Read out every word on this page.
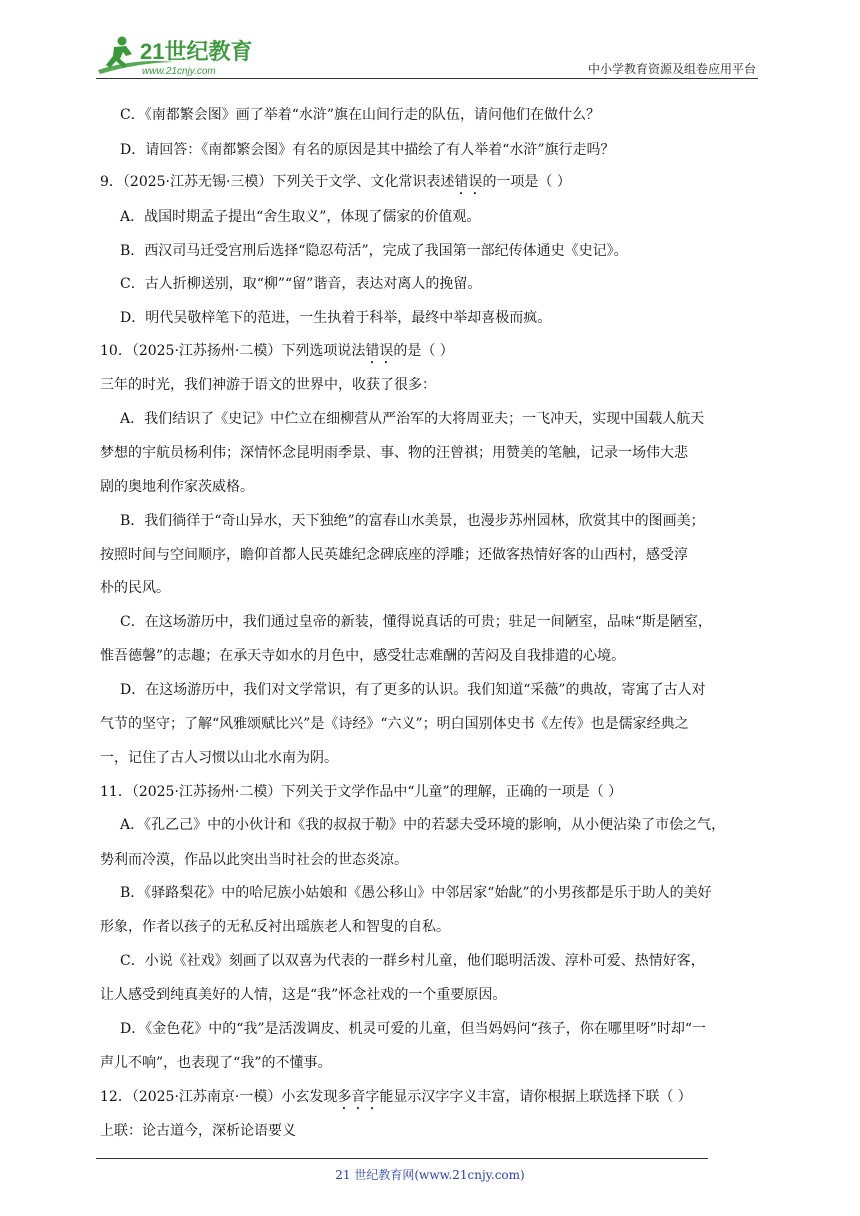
21世纪教育
www.21cnjy.com	中小学教育资源及组卷应用平台
C．《南都繁会图》画了举着“水浒”旗在山间行走的队伍，请问他们在做什么？
D．请回答：《南都繁会图》有名的原因是其中描绘了有人举着“水浒”旗行走吗？
9．（2025·江苏无锡·三模）下列关于文学、文化常识表述错误的一项是（ ）
A．战国时期孟子提出“舍生取义”，体现了儒家的价值观。
B．西汉司马迁受宫刑后选择“隐忍苟活”，完成了我国第一部纪传体通史《史记》。
C．古人折柳送别，取“柳”“留”谐音，表达对离人的挽留。
D．明代吴敬梓笔下的范进，一生执着于科举，最终中举却喜极而疯。
10．（2025·江苏扬州·二模）下列选项说法错误的是（ ）
三年的时光，我们神游于语文的世界中，收获了很多：
A．我们结识了《史记》中伫立在细柳营从严治军的大将周亚夫；一飞冲天，实现中国载人航天
梦想的宇航员杨利伟；深情怀念昆明雨季景、事、物的汪曾祺；用赞美的笔触，记录一场伟大悲
剧的奥地利作家茨威格。
B．我们徜徉于“奇山异水，天下独绝”的富春山水美景，也漫步苏州园林，欣赏其中的图画美；
按照时间与空间顺序，瞻仰首都人民英雄纪念碑底座的浮雕；还做客热情好客的山西村，感受淳
朴的民风。
C．在这场游历中，我们通过皇帝的新装，懂得说真话的可贵；驻足一间陋室，品味“斯是陋室，
惟吾德馨”的志趣；在承天寺如水的月色中，感受壮志难酬的苦闷及自我排遣的心境。
D．在这场游历中，我们对文学常识，有了更多的认识。我们知道“采薇”的典故，寄寓了古人对
气节的坚守；了解“风雅颂赋比兴”是《诗经》“六义”；明白国别体史书《左传》也是儒家经典之
一，记住了古人习惯以山北水南为阴。
11．（2025·江苏扬州·二模）下列关于文学作品中“儿童”的理解，正确的一项是（ ）
A．《孔乙己》中的小伙计和《我的叔叔于勒》中的若瑟夫受环境的影响，从小便沾染了市侩之气，
势利而冷漠，作品以此突出当时社会的世态炎凉。
B．《驿路梨花》中的哈尼族小姑娘和《愚公移山》中邻居家“始龀”的小男孩都是乐于助人的美好
形象，作者以孩子的无私反衬出瑶族老人和智叟的自私。
C．小说《社戏》刻画了以双喜为代表的一群乡村儿童，他们聪明活泼、淳朴可爱、热情好客，
让人感受到纯真美好的人情，这是“我”怀念社戏的一个重要原因。
D．《金色花》中的“我”是活泼调皮、机灵可爱的儿童，但当妈妈问“孩子，你在哪里呀”时却“一
声儿不响”，也表现了“我”的不懂事。
12．（2025·江苏南京·一模）小玄发现多音字能显示汉字字义丰富，请你根据上联选择下联（ ）
上联：论古道今，深析论语要义
21 世纪教育网(www.21cnjy.com)
